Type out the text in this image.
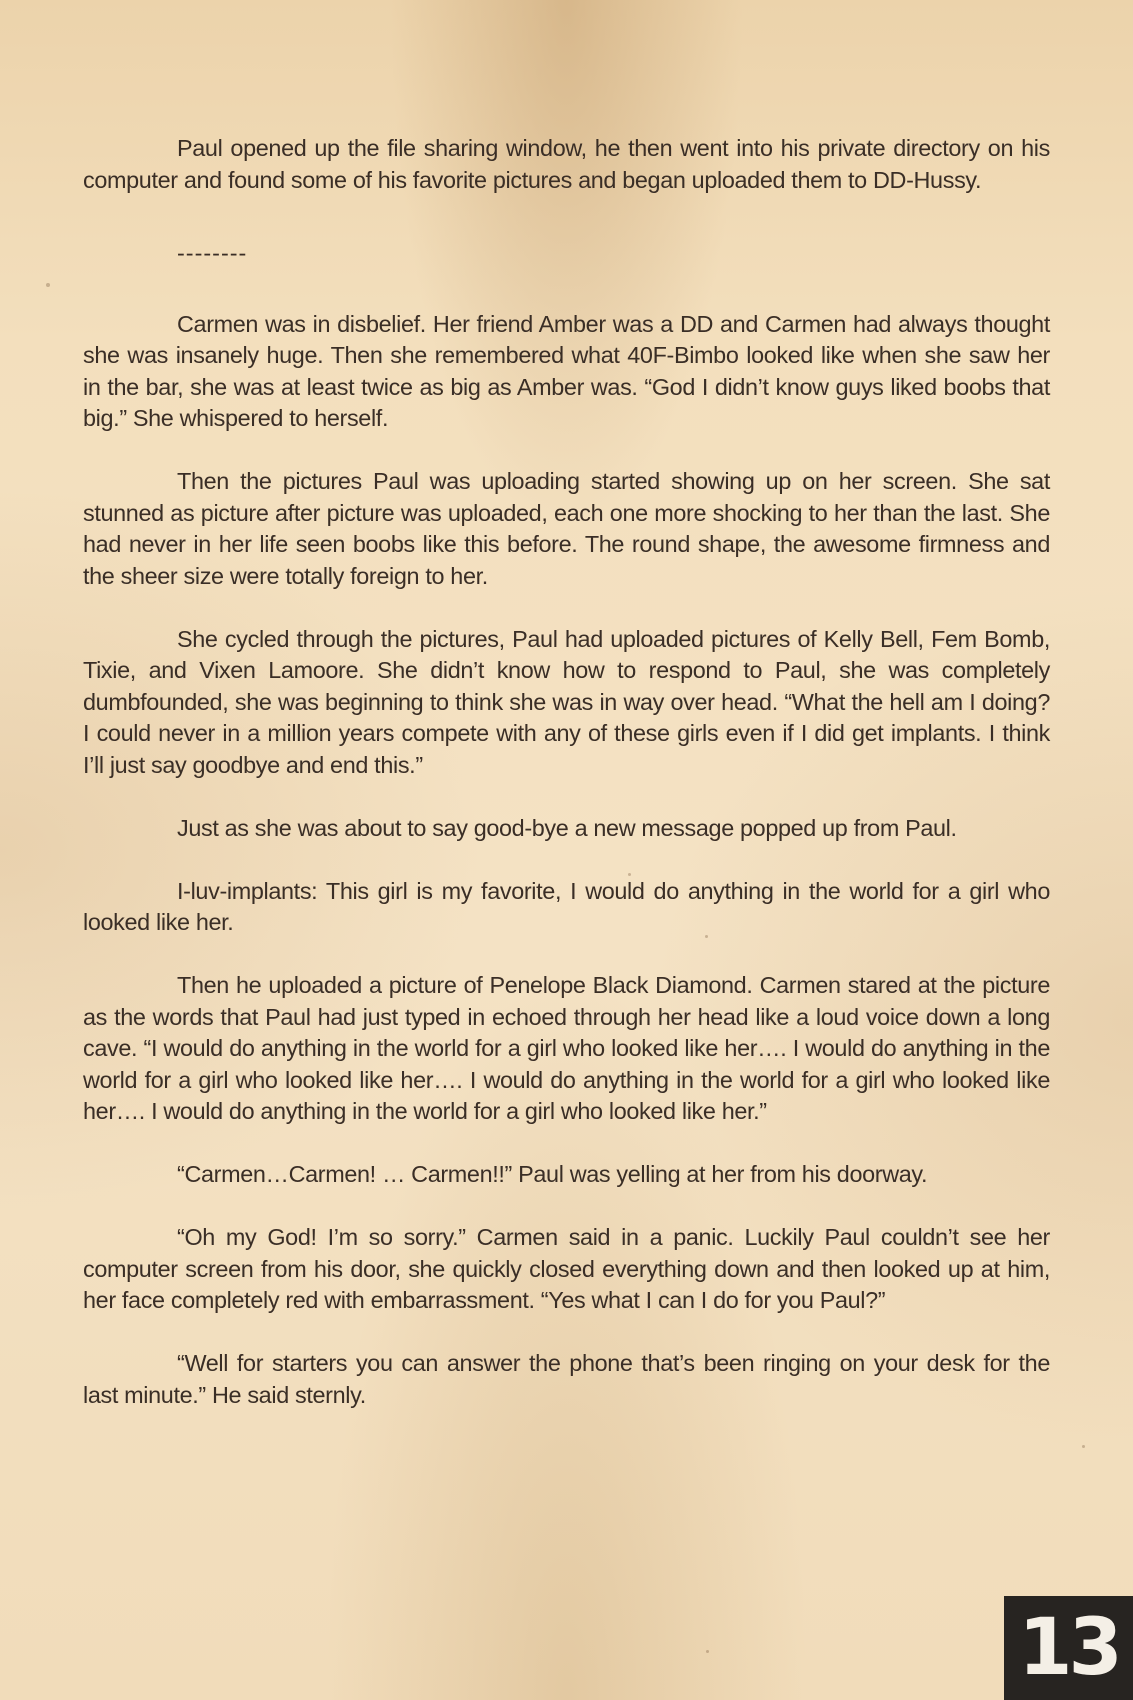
Paul opened up the file sharing window, he then went into his private directory on his computer and found some of his favorite pictures and began uploaded them to DD-Hussy.

--------

Carmen was in disbelief. Her friend Amber was a DD and Carmen had always thought she was insanely huge. Then she remembered what 40F-Bimbo looked like when she saw her in the bar, she was at least twice as big as Amber was. “God I didn’t know guys liked boobs that big.” She whispered to herself.

Then the pictures Paul was uploading started showing up on her screen. She sat stunned as picture after picture was uploaded, each one more shocking to her than the last. She had never in her life seen boobs like this before. The round shape, the awesome firmness and the sheer size were totally foreign to her.

She cycled through the pictures, Paul had uploaded pictures of Kelly Bell, Fem Bomb, Tixie, and Vixen Lamoore. She didn’t know how to respond to Paul, she was completely dumbfounded, she was beginning to think she was in way over head. “What the hell am I doing? I could never in a million years compete with any of these girls even if I did get implants. I think I’ll just say goodbye and end this.”

Just as she was about to say good-bye a new message popped up from Paul.

I-luv-implants: This girl is my favorite, I would do anything in the world for a girl who looked like her.

Then he uploaded a picture of Penelope Black Diamond. Carmen stared at the picture as the words that Paul had just typed in echoed through her head like a loud voice down a long cave. “I would do anything in the world for a girl who looked like her…. I would do anything in the world for a girl who looked like her…. I would do anything in the world for a girl who looked like her…. I would do anything in the world for a girl who looked like her.”

“Carmen…Carmen! … Carmen!!” Paul was yelling at her from his doorway.

“Oh my God! I’m so sorry.” Carmen said in a panic. Luckily Paul couldn’t see her computer screen from his door, she quickly closed everything down and then looked up at him, her face completely red with embarrassment. “Yes what I can I do for you Paul?”

“Well for starters you can answer the phone that’s been ringing on your desk for the last minute.” He said sternly.

13
